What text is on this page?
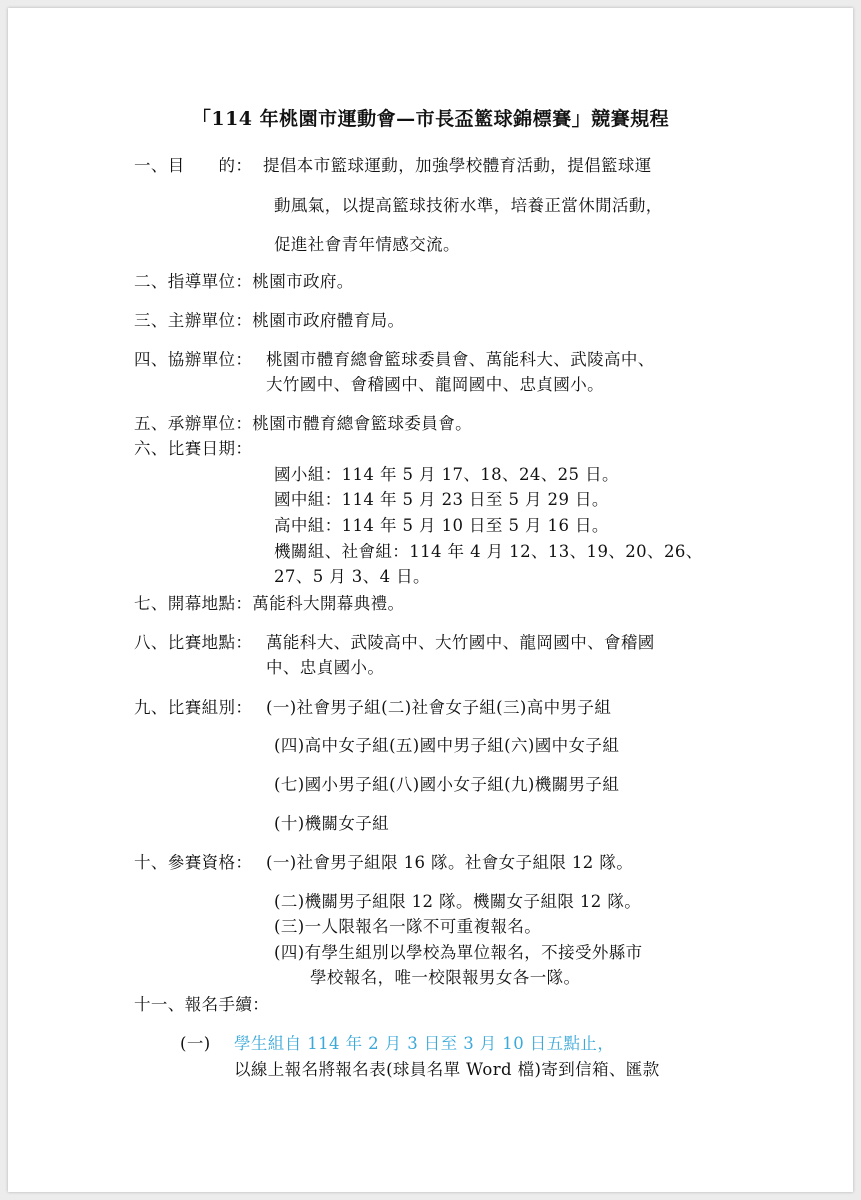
「114 年桃園市運動會—市長盃籃球錦標賽」競賽規程
一、目　　的： 提倡本市籃球運動，加強學校體育活動，提倡籃球運
動風氣，以提高籃球技術水準，培養正當休閒活動，
促進社會青年情感交流。
二、指導單位：桃園市政府。
三、主辦單位：桃園市政府體育局。
四、協辦單位： 桃園市體育總會籃球委員會、萬能科大、武陵高中、
大竹國中、會稽國中、龍岡國中、忠貞國小。
五、承辦單位：桃園市體育總會籃球委員會。
六、比賽日期：
國小組：114 年 5 月 17、18、24、25 日。
國中組：114 年 5 月 23 日至 5 月 29 日。
高中組：114 年 5 月 10 日至 5 月 16 日。
機關組、社會組：114 年 4 月 12、13、19、20、26、
27、5 月 3、4 日。
七、開幕地點：萬能科大開幕典禮。
八、比賽地點： 萬能科大、武陵高中、大竹國中、龍岡國中、會稽國
中、忠貞國小。
九、比賽組別： (一)社會男子組(二)社會女子組(三)高中男子組
(四)高中女子組(五)國中男子組(六)國中女子組
(七)國小男子組(八)國小女子組(九)機關男子組
(十)機關女子組
十、參賽資格： (一)社會男子組限 16 隊。社會女子組限 12 隊。
(二)機關男子組限 12 隊。機關女子組限 12 隊。
(三)一人限報名一隊不可重複報名。
(四)有學生組別以學校為單位報名，不接受外縣市
學校報名，唯一校限報男女各一隊。
十一、報名手續：
(一) 學生組自 114 年 2 月 3 日至 3 月 10 日五點止，
以線上報名將報名表(球員名單 Word 檔)寄到信箱、匯款
